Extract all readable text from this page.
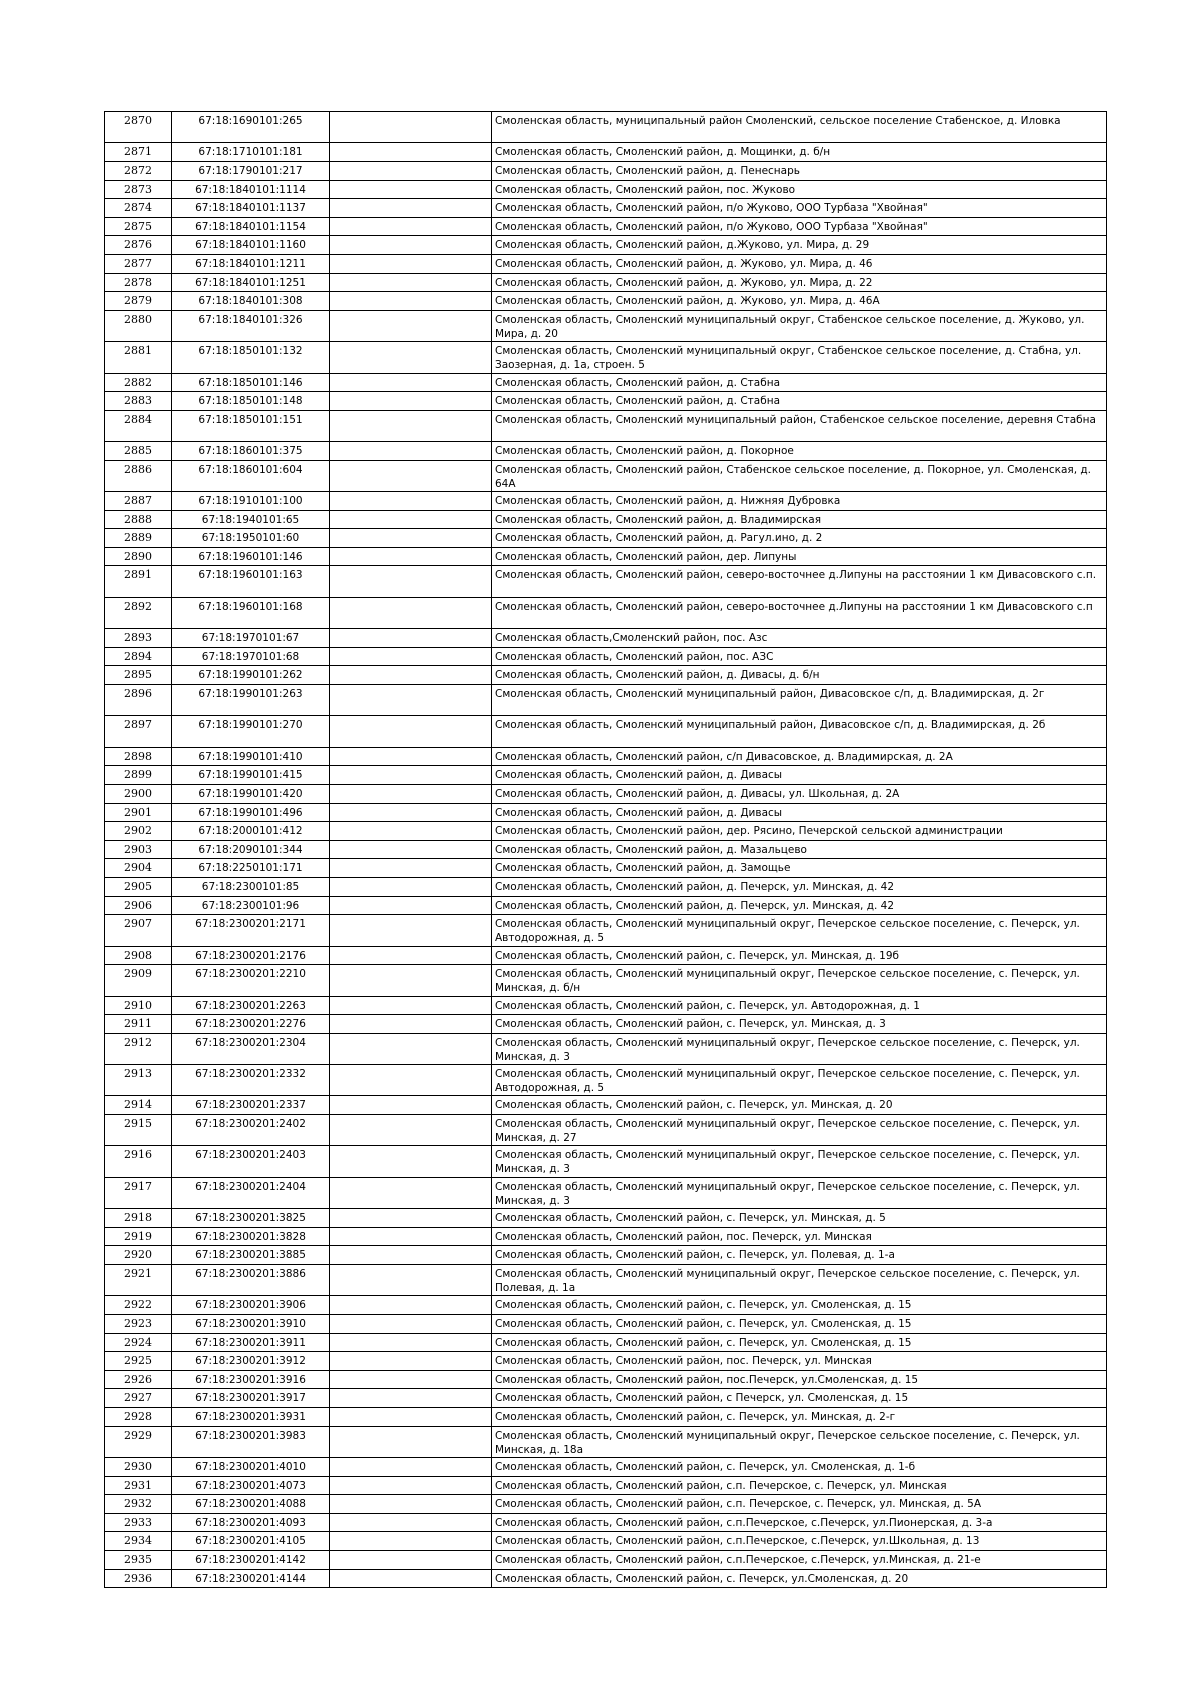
2870	67:18:1690101:265		Смоленская область, муниципальный район Смоленский, сельское поселение Стабенское, д. Иловка
2871	67:18:1710101:181		Смоленская область, Смоленский район, д. Мощинки, д. б/н
2872	67:18:1790101:217		Смоленская область, Смоленский район, д. Пенеснарь
2873	67:18:1840101:1114		Смоленская область, Смоленский район, пос. Жуково
2874	67:18:1840101:1137		Смоленская область, Смоленский район, п/о Жуково, ООО Турбаза "Хвойная"
2875	67:18:1840101:1154		Смоленская область, Смоленский район, п/о Жуково, ООО Турбаза "Хвойная"
2876	67:18:1840101:1160		Смоленская область, Смоленский район, д.Жуково, ул. Мира, д. 29
2877	67:18:1840101:1211		Смоленская область, Смоленский район, д. Жуково, ул. Мира, д. 46
2878	67:18:1840101:1251		Смоленская область, Смоленский район, д. Жуково, ул. Мира, д. 22
2879	67:18:1840101:308		Смоленская область, Смоленский район, д. Жуково, ул. Мира, д. 46А
2880	67:18:1840101:326		Смоленская область, Смоленский муниципальный округ, Стабенское сельское поселение, д. Жуково, ул. Мира, д. 20
2881	67:18:1850101:132		Смоленская область, Смоленский муниципальный округ, Стабенское сельское поселение, д. Стабна, ул. Заозерная, д. 1а, строен. 5
2882	67:18:1850101:146		Смоленская область, Смоленский район, д. Стабна
2883	67:18:1850101:148		Смоленская область, Смоленский район, д. Стабна
2884	67:18:1850101:151		Смоленская область, Смоленский муниципальный район, Стабенское сельское поселение, деревня Стабна
2885	67:18:1860101:375		Смоленская область, Смоленский район, д. Покорное
2886	67:18:1860101:604		Смоленская область, Смоленский район, Стабенское сельское поселение, д. Покорное, ул. Смоленская, д. 64А
2887	67:18:1910101:100		Смоленская область, Смоленский район, д. Нижняя Дубровка
2888	67:18:1940101:65		Смоленская область, Смоленский район, д. Владимирская
2889	67:18:1950101:60		Смоленская область, Смоленский район, д. Рагул.ино, д. 2
2890	67:18:1960101:146		Смоленская область, Смоленский район, дер. Липуны
2891	67:18:1960101:163		Смоленская область, Смоленский район, северо-восточнее д.Липуны на расстоянии 1 км Дивасовского с.п.
2892	67:18:1960101:168		Смоленская область, Смоленский район, северо-восточнее д.Липуны на расстоянии 1 км Дивасовского с.п
2893	67:18:1970101:67		Смоленская область,Смоленский район, пос. Азс
2894	67:18:1970101:68		Смоленская область, Смоленский район, пос. АЗС
2895	67:18:1990101:262		Смоленская область, Смоленский район, д. Дивасы, д. б/н
2896	67:18:1990101:263		Смоленская область, Смоленский муниципальный район, Дивасовское с/п, д. Владимирская, д. 2г
2897	67:18:1990101:270		Смоленская область, Смоленский муниципальный район, Дивасовское с/п, д. Владимирская, д. 2б
2898	67:18:1990101:410		Смоленская область, Смоленский район, с/п Дивасовское, д. Владимирская, д. 2А
2899	67:18:1990101:415		Смоленская область, Смоленский район, д. Дивасы
2900	67:18:1990101:420		Смоленская область, Смоленский район, д. Дивасы, ул. Школьная, д. 2А
2901	67:18:1990101:496		Смоленская область, Смоленский район, д. Дивасы
2902	67:18:2000101:412		Смоленская область, Смоленский район, дер. Рясино, Печерской сельской администрации
2903	67:18:2090101:344		Смоленская область, Смоленский район, д. Мазальцево
2904	67:18:2250101:171		Смоленская область, Смоленский район, д. Замощье
2905	67:18:2300101:85		Смоленская область, Смоленский район, д. Печерск, ул. Минская, д. 42
2906	67:18:2300101:96		Смоленская область, Смоленский район, д. Печерск, ул. Минская, д. 42
2907	67:18:2300201:2171		Смоленская область, Смоленский муниципальный округ, Печерское сельское поселение, с. Печерск, ул. Автодорожная, д. 5
2908	67:18:2300201:2176		Смоленская область, Смоленский район, с. Печерск, ул. Минская, д. 19б
2909	67:18:2300201:2210		Смоленская область, Смоленский муниципальный округ, Печерское сельское поселение, с. Печерск, ул. Минская, д. б/н
2910	67:18:2300201:2263		Смоленская область, Смоленский район, с. Печерск, ул. Автодорожная, д. 1
2911	67:18:2300201:2276		Смоленская область, Смоленский район, с. Печерск, ул. Минская, д. 3
2912	67:18:2300201:2304		Смоленская область, Смоленский муниципальный округ, Печерское сельское поселение, с. Печерск, ул. Минская, д. 3
2913	67:18:2300201:2332		Смоленская область, Смоленский муниципальный округ, Печерское сельское поселение, с. Печерск, ул. Автодорожная, д. 5
2914	67:18:2300201:2337		Смоленская область, Смоленский район, с. Печерск, ул. Минская, д. 20
2915	67:18:2300201:2402		Смоленская область, Смоленский муниципальный округ, Печерское сельское поселение, с. Печерск, ул. Минская, д. 27
2916	67:18:2300201:2403		Смоленская область, Смоленский муниципальный округ, Печерское сельское поселение, с. Печерск, ул. Минская, д. 3
2917	67:18:2300201:2404		Смоленская область, Смоленский муниципальный округ, Печерское сельское поселение, с. Печерск, ул. Минская, д. 3
2918	67:18:2300201:3825		Смоленская область, Смоленский район, с. Печерск, ул. Минская, д. 5
2919	67:18:2300201:3828		Смоленская область, Смоленский район, пос. Печерск, ул. Минская
2920	67:18:2300201:3885		Смоленская область, Смоленский район, с. Печерск, ул. Полевая, д. 1-а
2921	67:18:2300201:3886		Смоленская область, Смоленский муниципальный округ, Печерское сельское поселение, с. Печерск, ул. Полевая, д. 1а
2922	67:18:2300201:3906		Смоленская область, Смоленский район, с. Печерск, ул. Смоленская, д. 15
2923	67:18:2300201:3910		Смоленская область, Смоленский район, с. Печерск, ул. Смоленская, д. 15
2924	67:18:2300201:3911		Смоленская область, Смоленский район, с. Печерск, ул. Смоленская, д. 15
2925	67:18:2300201:3912		Смоленская область, Смоленский район, пос. Печерск, ул. Минская
2926	67:18:2300201:3916		Смоленская область, Смоленский район, пос.Печерск, ул.Смоленская, д. 15
2927	67:18:2300201:3917		Смоленская область, Смоленский район, с Печерск, ул. Смоленская, д. 15
2928	67:18:2300201:3931		Смоленская область, Смоленский район, с. Печерск, ул. Минская, д. 2-г
2929	67:18:2300201:3983		Смоленская область, Смоленский муниципальный округ, Печерское сельское поселение, с. Печерск, ул. Минская, д. 18а
2930	67:18:2300201:4010		Смоленская область, Смоленский район, с. Печерск, ул. Смоленская, д. 1-б
2931	67:18:2300201:4073		Смоленская область, Смоленский район, с.п. Печерское, с. Печерск, ул. Минская
2932	67:18:2300201:4088		Смоленская область, Смоленский район, с.п. Печерское, с. Печерск, ул. Минская, д. 5А
2933	67:18:2300201:4093		Смоленская область, Смоленский район, с.п.Печерское, с.Печерск, ул.Пионерская, д. 3-а
2934	67:18:2300201:4105		Смоленская область, Смоленский район, с.п.Печерское, с.Печерск, ул.Школьная, д. 13
2935	67:18:2300201:4142		Смоленская область, Смоленский район, с.п.Печерское, с.Печерск, ул.Минская, д. 21-е
2936	67:18:2300201:4144		Смоленская область, Смоленский район, с. Печерск, ул.Смоленская, д. 20
